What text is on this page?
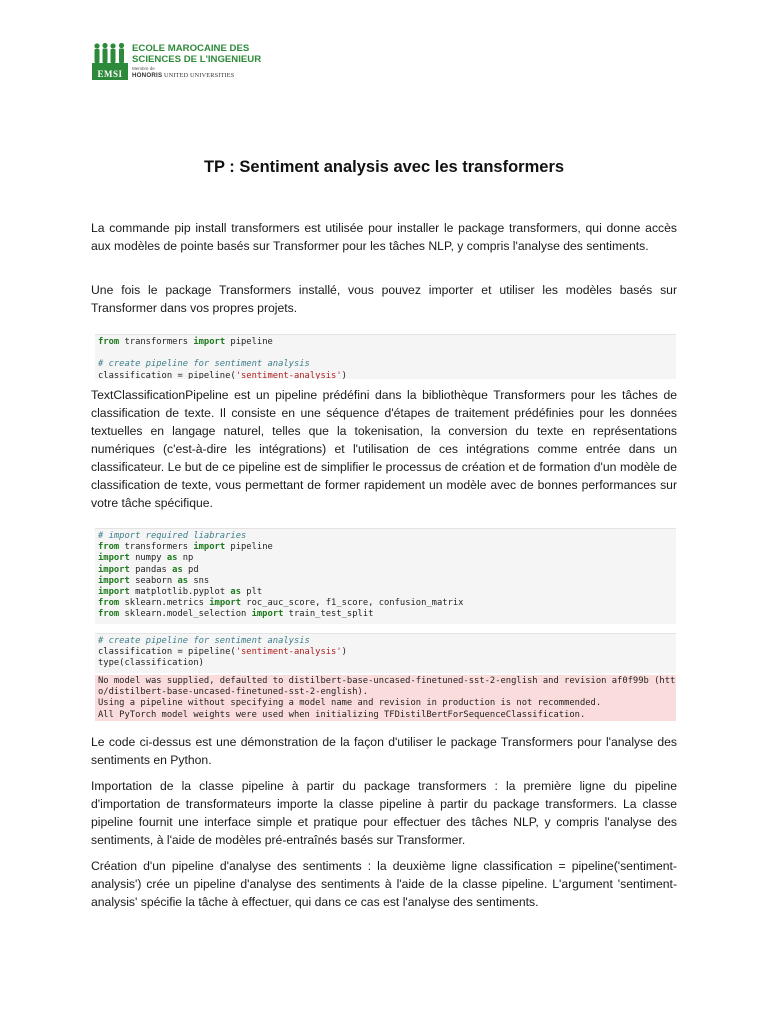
EMSI
ECOLE MAROCAINE DES
SCIENCES DE L'INGENIEUR
Membre de
HONORIS UNITED UNIVERSITIES
TP : Sentiment analysis avec les transformers
La commande pip install transformers est utilisée pour installer le package transformers, qui donne accès aux modèles de pointe basés sur Transformer pour les tâches NLP, y compris l'analyse des sentiments.
Une fois le package Transformers installé, vous pouvez importer et utiliser les modèles basés sur Transformer dans vos propres projets.
from transformers import pipeline
# create pipeline for sentiment analysis
classification = pipeline('sentiment-analysis')
TextClassificationPipeline est un pipeline prédéfini dans la bibliothèque Transformers pour les tâches de classification de texte. Il consiste en une séquence d'étapes de traitement prédéfinies pour les données textuelles en langage naturel, telles que la tokenisation, la conversion du texte en représentations numériques (c'est-à-dire les intégrations) et l'utilisation de ces intégrations comme entrée dans un classificateur. Le but de ce pipeline est de simplifier le processus de création et de formation d'un modèle de classification de texte, vous permettant de former rapidement un modèle avec de bonnes performances sur votre tâche spécifique.
# import required liabraries
from transformers import pipeline
import numpy as np
import pandas as pd
import seaborn as sns
import matplotlib.pyplot as plt
from sklearn.metrics import roc_auc_score, f1_score, confusion_matrix
from sklearn.model_selection import train_test_split
# create pipeline for sentiment analysis
classification = pipeline('sentiment-analysis')
type(classification)
No model was supplied, defaulted to distilbert-base-uncased-finetuned-sst-2-english and revision af0f99b (htt
o/distilbert-base-uncased-finetuned-sst-2-english).
Using a pipeline without specifying a model name and revision in production is not recommended.
All PyTorch model weights were used when initializing TFDistilBertForSequenceClassification.
Le code ci-dessus est une démonstration de la façon d'utiliser le package Transformers pour l'analyse des sentiments en Python.
Importation de la classe pipeline à partir du package transformers : la première ligne du pipeline d'importation de transformateurs importe la classe pipeline à partir du package transformers. La classe pipeline fournit une interface simple et pratique pour effectuer des tâches NLP, y compris l'analyse des sentiments, à l'aide de modèles pré-entraînés basés sur Transformer.
Création d'un pipeline d'analyse des sentiments : la deuxième ligne classification = pipeline('sentiment-analysis') crée un pipeline d'analyse des sentiments à l'aide de la classe pipeline. L'argument 'sentiment-analysis' spécifie la tâche à effectuer, qui dans ce cas est l'analyse des sentiments.
